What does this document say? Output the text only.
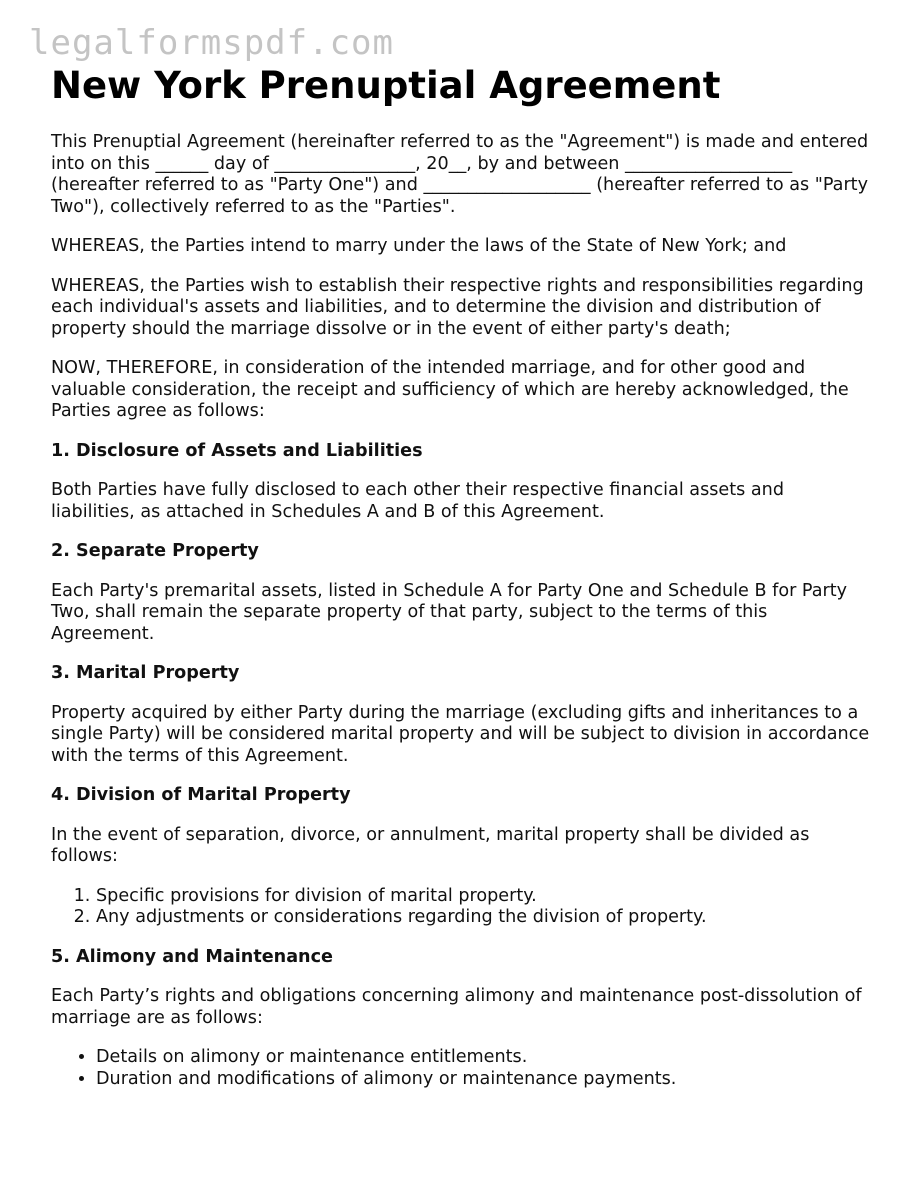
legalformspdf.com
New York Prenuptial Agreement

This Prenuptial Agreement (hereinafter referred to as the "Agreement") is made and entered into on this ______ day of ________________, 20__, by and between ___________________ (hereafter referred to as "Party One") and ___________________ (hereafter referred to as "Party Two"), collectively referred to as the "Parties".

WHEREAS, the Parties intend to marry under the laws of the State of New York; and

WHEREAS, the Parties wish to establish their respective rights and responsibilities regarding each individual's assets and liabilities, and to determine the division and distribution of property should the marriage dissolve or in the event of either party's death;

NOW, THEREFORE, in consideration of the intended marriage, and for other good and valuable consideration, the receipt and sufficiency of which are hereby acknowledged, the Parties agree as follows:

1. Disclosure of Assets and Liabilities

Both Parties have fully disclosed to each other their respective financial assets and liabilities, as attached in Schedules A and B of this Agreement.

2. Separate Property

Each Party's premarital assets, listed in Schedule A for Party One and Schedule B for Party Two, shall remain the separate property of that party, subject to the terms of this Agreement.

3. Marital Property

Property acquired by either Party during the marriage (excluding gifts and inheritances to a single Party) will be considered marital property and will be subject to division in accordance with the terms of this Agreement.

4. Division of Marital Property

In the event of separation, divorce, or annulment, marital property shall be divided as follows:

1. Specific provisions for division of marital property.
2. Any adjustments or considerations regarding the division of property.
5. Alimony and Maintenance

Each Party’s rights and obligations concerning alimony and maintenance post-dissolution of marriage are as follows:

• Details on alimony or maintenance entitlements.
• Duration and modifications of alimony or maintenance payments.
